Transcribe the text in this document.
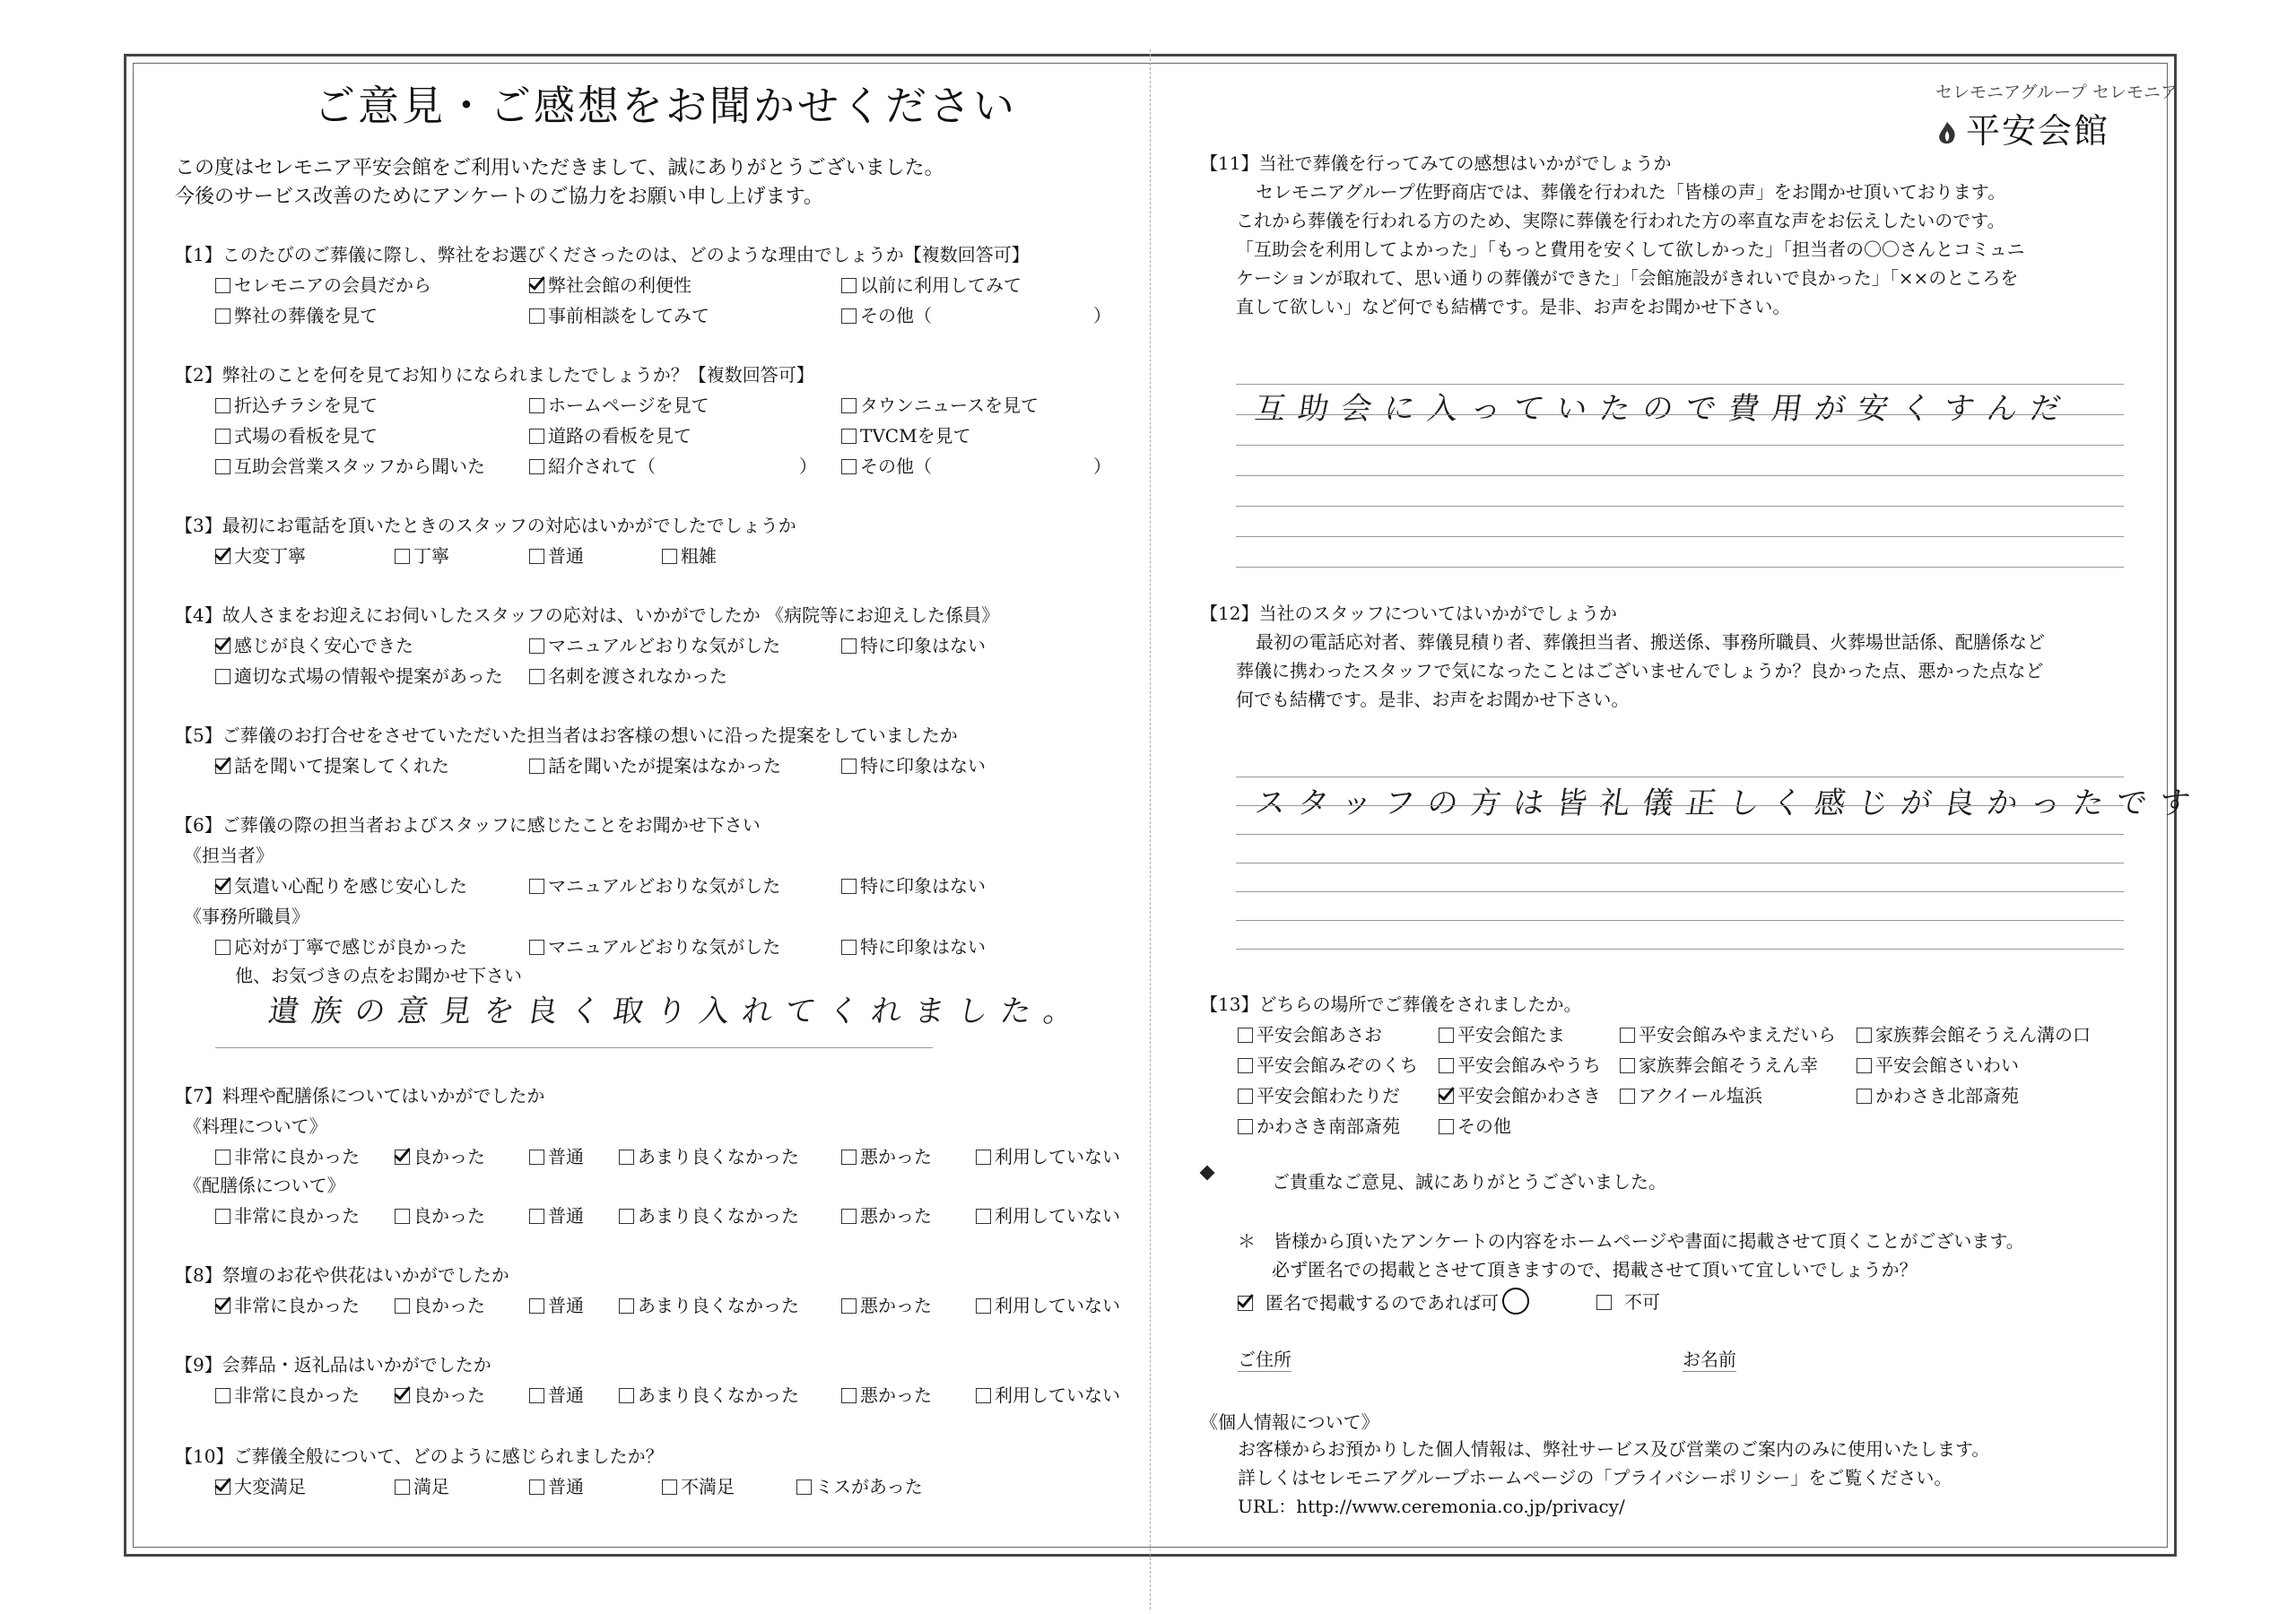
ご意見・ご感想をお聞かせください	セレモニアグループ セレモニア
平安会館
この度はセレモニア平安会館をご利用いただきまして、誠にありがとうございました。
今後のサービス改善のためにアンケートのご協力をお願い申し上げます。
【1】このたびのご葬儀に際し、弊社をお選びくださったのは、どのような理由でしょうか【複数回答可】
セレモニアの会員だから	弊社会館の利便性	以前に利用してみて
弊社の葬儀を見て	事前相談をしてみて	その他（　　　　　　　　　）
【2】弊社のことを何を見てお知りになられましたでしょうか？【複数回答可】
折込チラシを見て	ホームページを見て	タウンニュースを見て
式場の看板を見て	道路の看板を見て	TVCMを見て
互助会営業スタッフから聞いた	紹介されて（　　　　　　　　）	その他（　　　　　　　　　）
【3】最初にお電話を頂いたときのスタッフの対応はいかがでしたでしょうか
大変丁寧	丁寧	普通	粗雑
【4】故人さまをお迎えにお伺いしたスタッフの応対は、いかがでしたか 《病院等にお迎えした係員》
感じが良く安心できた	マニュアルどおりな気がした	特に印象はない
適切な式場の情報や提案があった	名刺を渡されなかった
【5】ご葬儀のお打合せをさせていただいた担当者はお客様の想いに沿った提案をしていましたか
話を聞いて提案してくれた	話を聞いたが提案はなかった	特に印象はない
【6】ご葬儀の際の担当者およびスタッフに感じたことをお聞かせ下さい
《担当者》
気遣い心配りを感じ安心した	マニュアルどおりな気がした	特に印象はない
《事務所職員》
応対が丁寧で感じが良かった	マニュアルどおりな気がした	特に印象はない
他、お気づきの点をお聞かせ下さい
遺族の意見を良く取り入れてくれました。
【7】料理や配膳係についてはいかがでしたか
《料理について》
非常に良かった	良かった	普通	あまり良くなかった	悪かった	利用していない
《配膳係について》
非常に良かった	良かった	普通	あまり良くなかった	悪かった	利用していない
【8】祭壇のお花や供花はいかがでしたか
非常に良かった	良かった	普通	あまり良くなかった	悪かった	利用していない
【9】会葬品・返礼品はいかがでしたか
非常に良かった	良かった	普通	あまり良くなかった	悪かった	利用していない
【10】ご葬儀全般について、どのように感じられましたか？
大変満足	満足	普通	不満足	ミスがあった
【11】当社で葬儀を行ってみての感想はいかがでしょうか
セレモニアグループ佐野商店では、葬儀を行われた「皆様の声」をお聞かせ頂いております。
これから葬儀を行われる方のため、実際に葬儀を行われた方の率直な声をお伝えしたいのです。
「互助会を利用してよかった」「もっと費用を安くして欲しかった」「担当者の〇〇さんとコミュニ
ケーションが取れて、思い通りの葬儀ができた」「会館施設がきれいで良かった」「××のところを
直して欲しい」など何でも結構です。是非、お声をお聞かせ下さい。
互助会に入っていたので費用が安くすんだ
【12】当社のスタッフについてはいかがでしょうか
最初の電話応対者、葬儀見積り者、葬儀担当者、搬送係、事務所職員、火葬場世話係、配膳係など
葬儀に携わったスタッフで気になったことはございませんでしょうか？良かった点、悪かった点など
何でも結構です。是非、お声をお聞かせ下さい。
スタッフの方は皆礼儀正しく感じが良かったです
【13】どちらの場所でご葬儀をされましたか。
平安会館あさお	平安会館たま	平安会館みやまえだいら	家族葬会館そうえん溝の口
平安会館みぞのくち	平安会館みやうち	家族葬会館そうえん幸	平安会館さいわい
平安会館わたりだ	平安会館かわさき	アクイール塩浜	かわさき北部斎苑
かわさき南部斎苑	その他
ご貴重なご意見、誠にありがとうございました。
＊　皆様から頂いたアンケートの内容をホームページや書面に掲載させて頂くことがございます。
必ず匿名での掲載とさせて頂きますので、掲載させて頂いて宜しいでしょうか？
匿名で掲載するのであれば可	不可
ご住所	お名前
《個人情報について》
お客様からお預かりした個人情報は、弊社サービス及び営業のご案内のみに使用いたします。
詳しくはセレモニアグループホームページの「プライバシーポリシー」をご覧ください。
URL：http://www.ceremonia.co.jp/privacy/
